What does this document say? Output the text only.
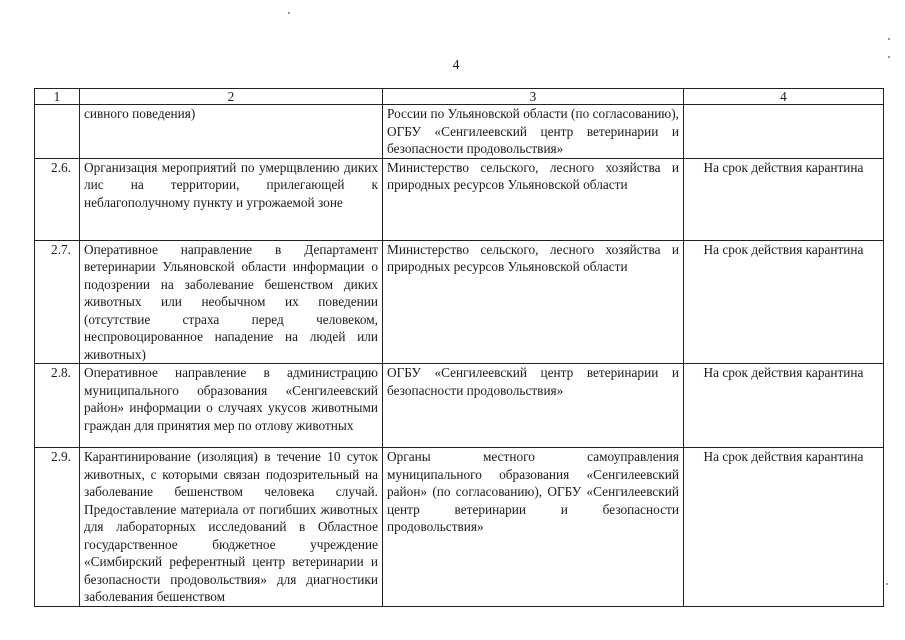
4
1	2	3	4
	сивного поведения)	России по Ульяновской области (по согласованию), ОГБУ «Сенгилеевский центр ветеринарии и безопасности продовольствия»	
2.6.	Организация мероприятий по умерщвлению диких лис на территории, прилегающей к неблагополучному пункту и угрожаемой зоне	Министерство сельского, лесного хозяйства и природных ресурсов Ульяновской области	На срок действия карантина
2.7.	Оперативное направление в Департамент ветеринарии Ульяновской области информации о подозрении на заболевание бешенством диких животных или необычном их поведении (отсутствие страха перед человеком, неспровоцированное нападение на людей или животных)	Министерство сельского, лесного хозяйства и природных ресурсов Ульяновской области	На срок действия карантина
2.8.	Оперативное направление в администрацию муниципального образования «Сенгилеевский район» информации о случаях укусов животными граждан для принятия мер по отлову животных	ОГБУ «Сенгилеевский центр ветеринарии и безопасности продовольствия»	На срок действия карантина
2.9.	Карантинирование (изоляция) в течение 10 суток животных, с которыми связан подозрительный на заболевание бешенством человека случай. Предоставление материала от погибших животных для лабораторных исследований в Областное государственное бюджетное учреждение «Симбирский референтный центр ветеринарии и безопасности продовольствия» для диагностики заболевания бешенством	Органы местного самоуправления муниципального образования «Сенгилеевский район» (по согласованию), ОГБУ «Сенгилеевский центр ветеринарии и безопасности продовольствия»	На срок действия карантина
